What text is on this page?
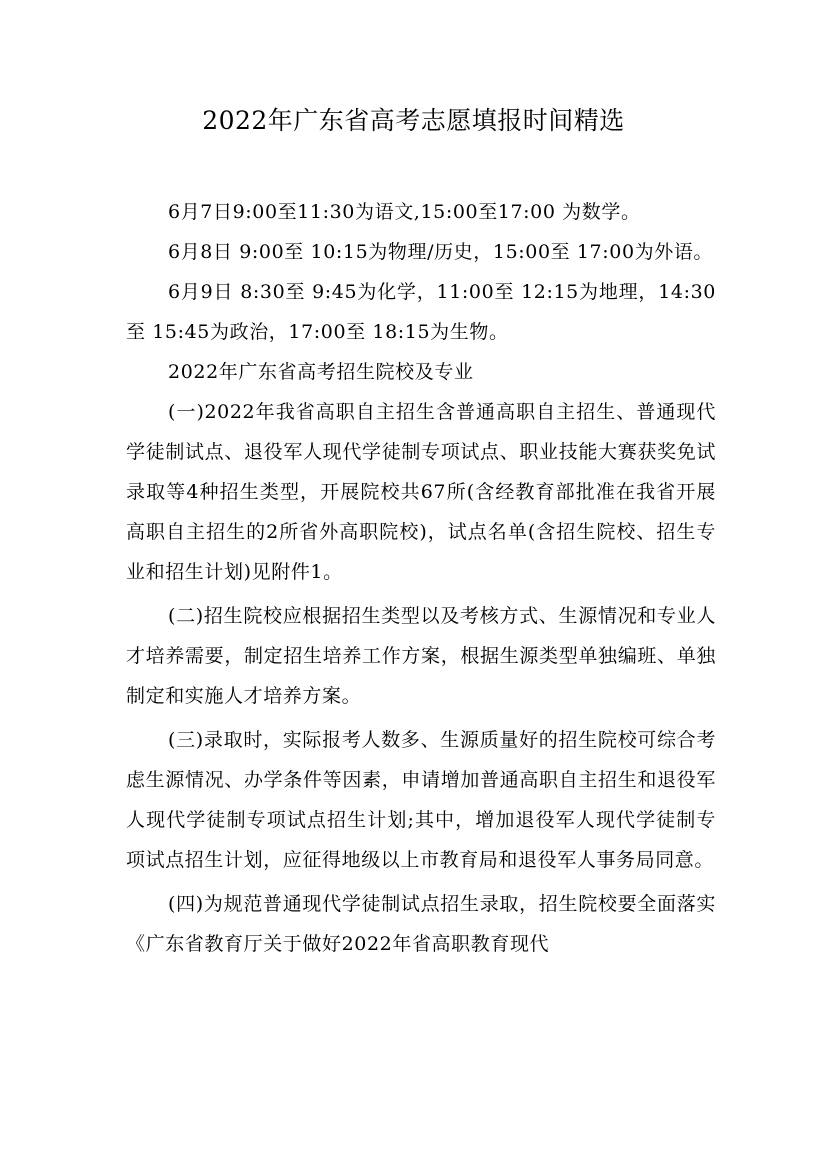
2022年广东省高考志愿填报时间精选

6月7日9:00至11:30为语文,15:00至17:00 为数学。

6月8日 9:00至 10:15为物理/历史，15:00至 17:00为外语。

6月9日 8:30至 9:45为化学，11:00至 12:15为地理，14:30至 15:45为政治，17:00至 18:15为生物。

2022年广东省高考招生院校及专业

(一)2022年我省高职自主招生含普通高职自主招生、普通现代学徒制试点、退役军人现代学徒制专项试点、职业技能大赛获奖免试录取等4种招生类型，开展院校共67所(含经教育部批准在我省开展高职自主招生的2所省外高职院校)，试点名单(含招生院校、招生专业和招生计划)见附件1。

(二)招生院校应根据招生类型以及考核方式、生源情况和专业人才培养需要，制定招生培养工作方案，根据生源类型单独编班、单独制定和实施人才培养方案。

(三)录取时，实际报考人数多、生源质量好的招生院校可综合考虑生源情况、办学条件等因素，申请增加普通高职自主招生和退役军人现代学徒制专项试点招生计划;其中，增加退役军人现代学徒制专项试点招生计划，应征得地级以上市教育局和退役军人事务局同意。

(四)为规范普通现代学徒制试点招生录取，招生院校要全面落实《广东省教育厅关于做好2022年省高职教育现代
